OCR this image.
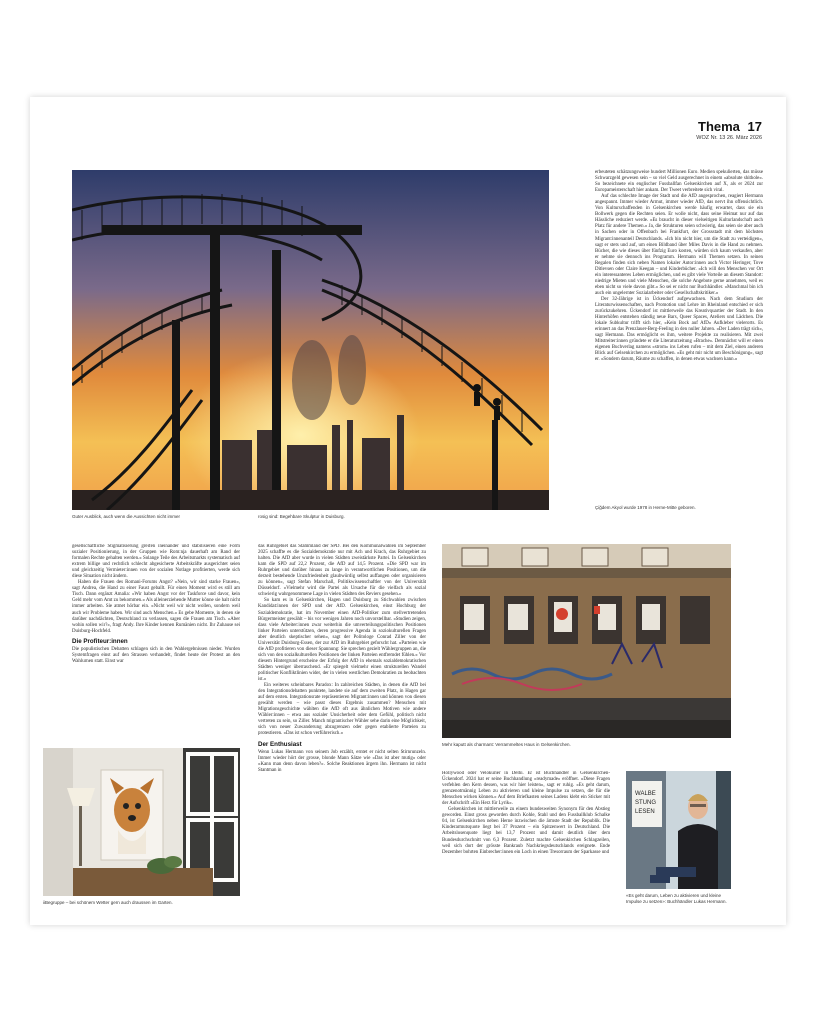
Thema 17
WOZ Nr. 13 26. März 2026
Guter Ausblick, auch wenn die Aussichten nicht immer	rosig sind: Begehbare Skulptur in Duisburg.

erbeuteten schätzungsweise hundert Millionen Euro. Medien spekulierten, das müsse Schwarzgeld gewesen sein – so viel Geld ausgerechnet in einem «absolute shithole». So bezeichnete ein englischer Fussballfan Gelsenkirchen auf X, als er 2024 zur Europameisterschaft hier ankam. Der Tweet verbreitete sich viral.

Auf das schlechte Image der Stadt und die AfD angesprochen, reagiert Hermann angespannt. Immer wieder Armut, immer wieder AfD, das nervt ihn offensichtlich. Von Kulturschaffenden in Gelsenkirchen werde häufig erwartet, dass sie ein Bollwerk gegen die Rechten seien. Er wolle nicht, dass seine Heimat nur auf das Hässliche reduziert werde. «Es braucht in dieser vielseitigen Kulturlandschaft auch Platz für andere Themen.» Ja, die Strukturen seien schwierig, das seien sie aber auch in Sachen oder in Offenbach bei Frankfurt, der Grossstadt mit dem höchsten Migrant:innenanteil Deutschlands. «Ich bin nicht hier, um die Stadt zu verteidigen», sagt er stets und auf, um einen Bildband über Miles Davis in die Hand zu nehmen. Bücher, die wie dieses über fünfzig Euro kosten, würden sich kaum verkaufen, aber er nehme sie dennoch ins Programm. Hermann will Themen setzen. In seinen Regalen finden sich neben Namen lokaler Autor:innen auch Victor Heringer, Tove Ditlevsen oder Claire Keegan – und Kinderbücher. «Ich will den Menschen vor Ort ein interessanteres Leben ermöglichen, und es gibt viele Vorteile an diesem Standort: niedrige Mieten und viele Menschen, die solche Angebote gerne annehmen, weil es eben nicht so viele davon gibt.» So sei er nicht nur Buchhändler. «Manchmal bin ich auch ein ungelernter Sozialarbeiter oder Gesellschaftskritiker.»

Der 32-Jährige ist in Ückendorf aufgewachsen. Nach dem Studium der Literaturwissenschaften, nach Promotion und Lehre im Rheinland entschied er sich zurückzukehren. Ückendorf ist mittlerweile das Kreativquartier der Stadt. In den Hinterhöfen entstehen ständig neue Bars, Queer Spaces, Ateliers und Lädchen. Die lokale Subkultur trifft sich hier, «Kein Bock auf AfD» Aufkleber vielerorts. Es erinnert an das Prenzlauer-Berg-Feeling in den nuller Jahren. «Der Laden trägt sich», sagt Hermann. Das ermöglicht es ihm, weitere Projekte zu realisieren. Mit zwei Mitstreiter:innen gründete er die Literaturzeitung «Brache». Demnächst will er einen eigenen Buchverlag namens «strom» ins Leben rufen – mit dem Ziel, einen anderen Blick auf Gelsenkirchen zu ermöglichen. «Es geht mir nicht um Beschönigung», sagt er. «Sondern darum, Räume zu schaffen, in denen etwas wachsen kann.»

Çiğdem Akyol wurde 1978 in Herne-Mitte geboren.

gesellschaftliche Stigmatisierung greifen ineinander und stabilisieren eine Form sozialer Positionierung, in der Gruppen wie Rom:nja dauerhaft am Rand der formalen Rechte gehalten werden.» Solange Teile des Arbeitsmarkts systematisch auf extrem billige und rechtlich schlecht abgesicherte Arbeitskräfte ausgerichtet seien und gleichzeitig Vermieter:innen von der sozialen Notlage profitierten, werde sich diese Situation nicht ändern.

Haben die Frauen des Romani-Forums Angst? «Nein, wir sind starke Frauen», sagt Andrea, die Hand zu einer Faust geballt. Für einen Moment wird es still am Tisch. Dann ergänzt Amalia: «Wir haben Angst vor der Taskforce und davor, kein Geld mehr vom Amt zu bekommen.» Als alleinerziehende Mutter könne sie halt nicht immer arbeiten. Sie atmet hörbar ein. «Nicht weil wir nicht wollen, sondern weil auch wir Probleme haben. Wir sind auch Menschen.» Es gebe Momente, in denen sie darüber nachdächten, Deutschland zu verlassen, sagen die Frauen am Tisch. «Aber wohin sollen wir?», fragt Andy. Ihre Kinder kennen Rumänien nicht. Ihr Zuhause sei Duisburg-Hochfeld.

Die Profiteur:innen

Die populistischen Debatten schlagen sich in den Wahlergebnissen nieder. Wurden Systemfragen einst auf den Strassen verhandelt, findet heute der Protest an den Wahlurnen statt. Einst war

iiBegruppe – bei schönem Wetter gern auch draussen im Garten.

das Ruhrgebiet das Stammland der SPD. Bei den Kommunalwahlen im September 2025 schaffte es die Sozialdemokratie nur mit Ach und Krach, das Ruhrgebiet zu halten. Die AfD aber wurde in vielen Städten zweistärkste Partei. In Gelsenkirchen kam die SPD auf 22,2 Prozent, die AfD auf 14,5 Prozent. «Die SPD war im Ruhrgebiet und darüber hinaus zu lange in verantwortlichen Positionen, um die derzeit bestehende Unzufriedenheit glaubwürdig selbst auffangen oder organisieren zu können», sagt Stefan Marschall, Politikwissenschaftler von der Universität Düsseldorf. «Vielmehr wird die Partei als Ursache für die vielfach als sozial schwierig wahrgenommene Lage in vielen Städten des Reviers gesehen.»

So kam es in Gelsenkirchen, Hagen und Duisburg zu Stichwahlen zwischen Kandidat:innen der SPD und der AfD. Gelsenkirchen, einst Hochburg der Sozialdemokratie, hat im November einen AfD-Politiker zum stellvertretenden Bürgermeister gewählt – bis vor wenigen Jahren noch unvorstellbar. «Studien zeigen, dass viele Arbeiter:innen zwar weiterhin die umverteilungspolitischen Positionen linker Parteien unterstützen, deren progressive Agenda in soziokulturellen Fragen aber deutlich skeptischer sehen», sagt der Politologe Conrad Ziller von der Universität Duisburg-Essen, der zur AfD im Ruhrgebiet geforscht hat. «Parteien wie die AfD profitieren von dieser Spannung: Sie sprechen gezielt Wählergruppen an, die sich von den sozialkulturellen Positionen der linken Parteien entfremdet fühlen.» Vor diesem Hintergrund erscheine der Erfolg der AfD in ehemals sozialdemokratischen Städten weniger überraschend. «Er spiegelt vielmehr einen strukturellen Wandel politischer Konfliktlinien wider, der in vielen westlichen Demokratien zu beobachten ist.»

Ein weiteres scheinbares Paradox: In zahlreichen Städten, in denen die AfD bei den Integrationsdebatten punktete, landete sie auf dem zweiten Platz, in Hagen gar auf dem ersten. Integrationsrate repräsentieren Migrant:innen und können von diesen gewählt werden – wie passt dieses Ergebnis zusammen? Menschen mit Migrationsgeschichte wählten die AfD oft aus ähnlichen Motiven wie andere Wähler:innen – etwa aus sozialer Unsicherheit oder dem Gefühl, politisch nicht vertreten zu sein, so Ziller. Manch migrantischer Wähler sehe darin eine Möglichkeit, sich von neuer Zuwanderung abzugrenzen oder gegen etablierte Parteien zu protestieren. «Das ist schon verführerisch.»

Der Enthusiast

Wenn Lukas Hermann von seinem Job erzählt, erntet er nicht selten Stirnrunzeln. Immer wieder hört der grosse, blonde Mann Sätze wie «Das ist aber mutig» oder «Kann man denn davon leben?». Solche Reaktionen ärgern ihn. Hermann ist nicht Stantman in

Mehr kaputt als charmant: Verrammeltes Haus in Gelsenkirchen.

Hollywood oder Velokurier in Delhi. Er ist Buchhändler in Gelsenkirchen-Ückendorf. 2024 hat er seine Buchhandlung «readymade» eröffnet. «Diese Fragen verfehlen den Kern dessen, was wir hier leisten», sagt er ruhig. «Es geht darum, grenzenotmännig Leben zu aktivieren und kleine Impulse zu setzen, die für die Menschen wirken können.» Auf dem Briefkasten seines Ladens klebt ein Sticker mit der Aufschrift «Ein Herz für Lyrik».

Gelsenkirchen ist mittlerweile zu einem bundesweiten Synonym für den Abstieg geworden. Einst gross geworden durch Kohle, Stahl und den Fussballklub Schalke 04, ist Gelsenkirchen neben Herne inzwischen die ärmste Stadt der Republik. Die Kinderarmutsquote liegt bei 37 Prozent – ein Spitzenwert in Deutschland. Die Arbeitslosenquote liegt bei 13,7 Prozent und damit deutlich über dem Bundesdurchschnitt von 6,3 Prozent. Zuletzt machte Gelsenkirchen Schlagzeilen, weil sich dort der grösste Bankraub Nachkriegsdeutschlands ereignete. Ende Dezember bohrten Einbrecher:innen ein Loch in einen Tresorraum der Sparkasse und

WALBE
STUNG
LESEN
«Es geht darum, Leben zu aktivieren und kleine Impulse zu setzen»: Buchhändler Lukas Hermann.
